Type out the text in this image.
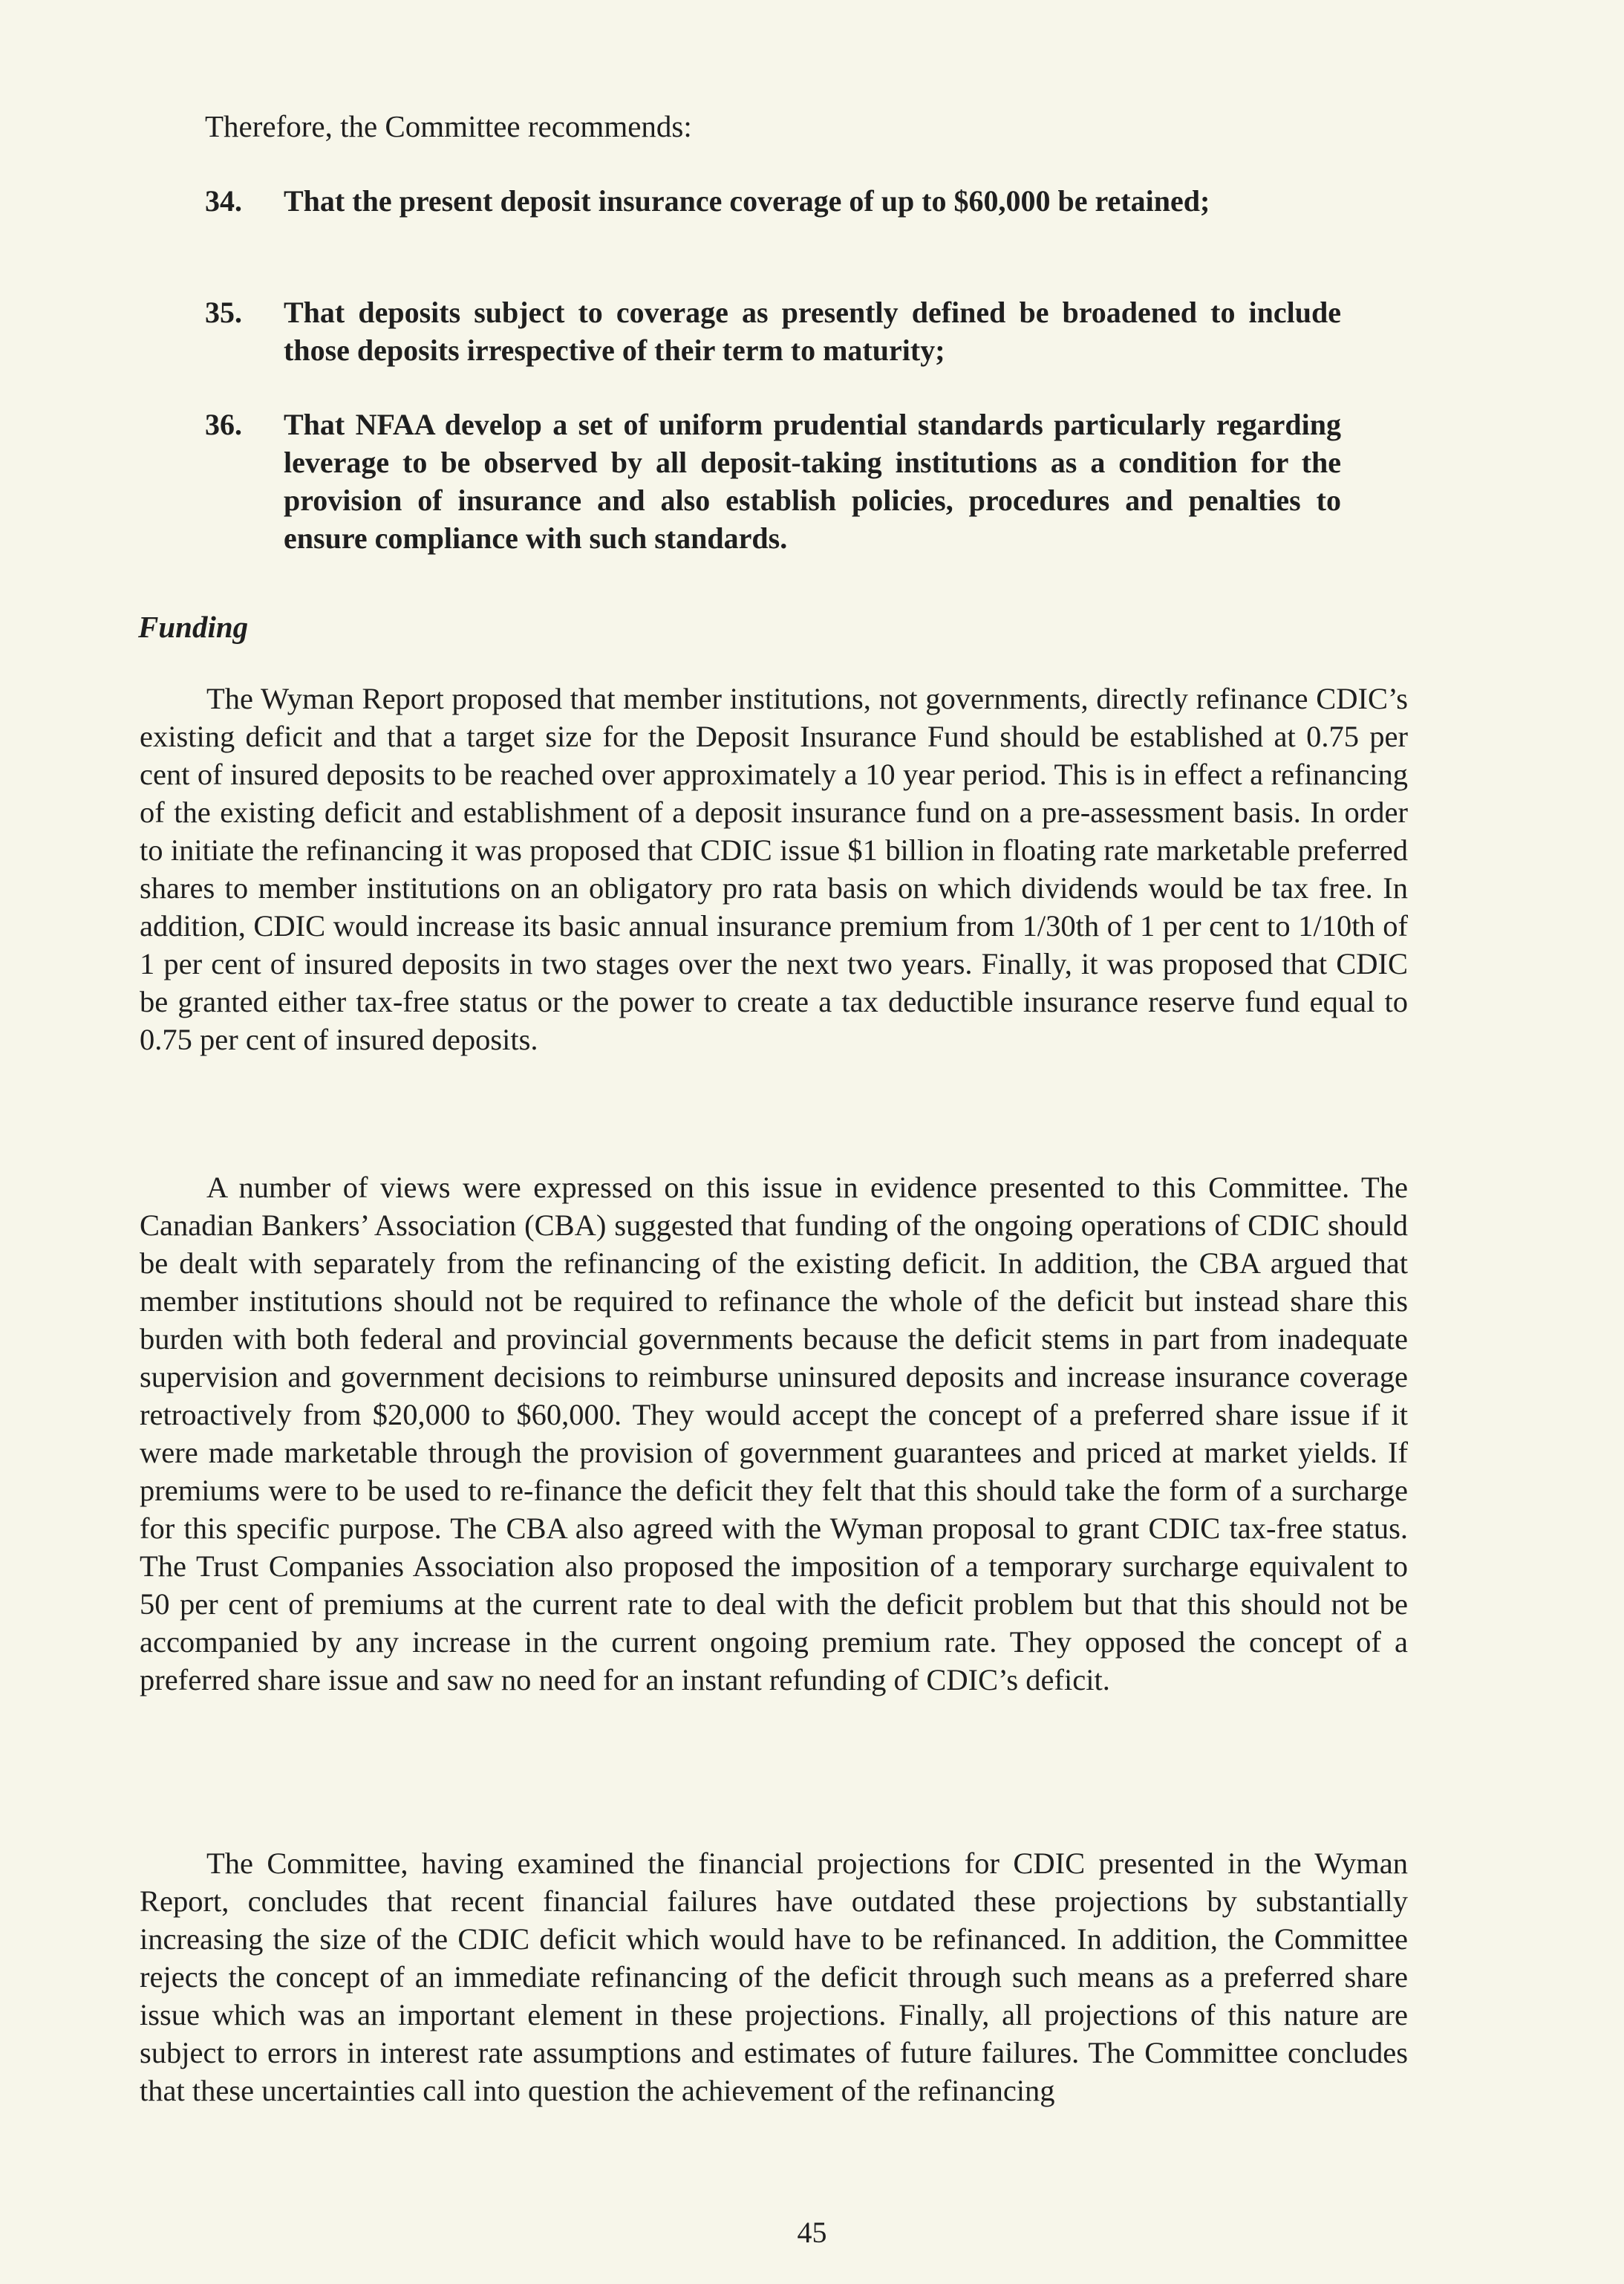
Therefore, the Committee recommends:

34.	That the present deposit insurance coverage of up to $60,000 be retained;
35.	That deposits subject to coverage as presently defined be broadened to include those deposits irrespective of their term to maturity;
36.	That NFAA develop a set of uniform prudential standards particularly regarding leverage to be observed by all deposit-taking institutions as a condition for the provision of insurance and also establish policies, procedures and penalties to ensure compliance with such standards.

Funding

The Wyman Report proposed that member institutions, not governments, directly refinance CDIC’s existing deficit and that a target size for the Deposit Insurance Fund should be established at 0.75 per cent of insured deposits to be reached over approximately a 10 year period. This is in effect a refinancing of the existing deficit and establishment of a deposit insurance fund on a pre-assessment basis. In order to initiate the refinancing it was proposed that CDIC issue $1 billion in floating rate marketable preferred shares to member institutions on an obligatory pro rata basis on which dividends would be tax free. In addition, CDIC would increase its basic annual insurance premium from 1/30th of 1 per cent to 1/10th of 1 per cent of insured deposits in two stages over the next two years. Finally, it was proposed that CDIC be granted either tax-free status or the power to create a tax deductible insurance reserve fund equal to 0.75 per cent of insured deposits.

A number of views were expressed on this issue in evidence presented to this Committee. The Canadian Bankers’ Association (CBA) suggested that funding of the ongoing operations of CDIC should be dealt with separately from the refinancing of the existing deficit. In addition, the CBA argued that member institutions should not be required to refinance the whole of the deficit but instead share this burden with both federal and provincial governments because the deficit stems in part from inadequate supervision and government decisions to reimburse uninsured deposits and increase insurance coverage retroactively from $20,000 to $60,000. They would accept the concept of a preferred share issue if it were made marketable through the provision of government guarantees and priced at market yields. If premiums were to be used to re-finance the deficit they felt that this should take the form of a surcharge for this specific purpose. The CBA also agreed with the Wyman proposal to grant CDIC tax-free status. The Trust Companies Association also proposed the imposition of a temporary surcharge equivalent to 50 per cent of premiums at the current rate to deal with the deficit problem but that this should not be accompanied by any increase in the current ongoing premium rate. They opposed the concept of a preferred share issue and saw no need for an instant refunding of CDIC’s deficit.

The Committee, having examined the financial projections for CDIC presented in the Wyman Report, concludes that recent financial failures have outdated these projections by substantially increasing the size of the CDIC deficit which would have to be refinanced. In addition, the Committee rejects the concept of an immediate refinancing of the deficit through such means as a preferred share issue which was an important element in these projections. Finally, all projections of this nature are subject to errors in interest rate assumptions and estimates of future failures. The Committee concludes that these uncertainties call into question the achievement of the refinancing

45
